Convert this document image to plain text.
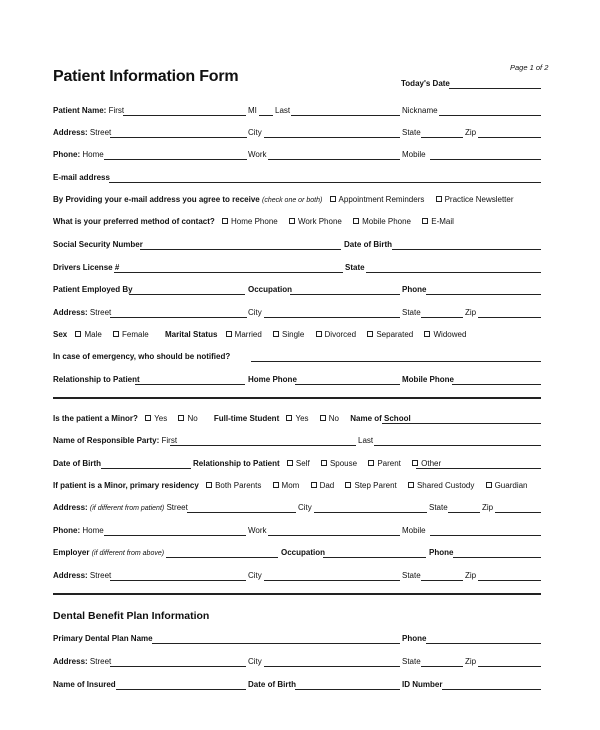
Patient Information Form
Page 1 of 2
Today's Date
Patient Name: First	MI Last	Nickname
Address: Street	City	State	Zip
Phone: Home	Work	Mobile
E-mail address
By Providing your e-mail address you agree to receive (check one or both) Appointment Reminders	Practice Newsletter
What is your preferred method of contact? Home Phone	Work Phone	Mobile Phone	E-Mail
Social Security Number	Date of Birth
Drivers License #	State
Patient Employed By	Occupation	Phone
Address: Street	City	State	Zip
Sex Male	Female Marital Status Married	Single	Divorced	Separated	Widowed
In case of emergency, who should be notified?
Relationship to Patient	Home Phone	Mobile Phone
Is the patient a Minor? Yes	No Full-time Student Yes	No Name of School
Name of Responsible Party: First	Last
Date of Birth	Relationship to Patient Self	Spouse	Parent	Other
If patient is a Minor, primary residency Both Parents	Mom	Dad	Step Parent	Shared Custody	Guardian
Address: (if different from patient) Street	City	State	Zip
Phone: Home	Work	Mobile
Employer (if different from above)	Occupation	Phone
Address: Street	City	State	Zip
Dental Benefit Plan Information
Primary Dental Plan Name	Phone
Address: Street	City	State	Zip
Name of Insured	Date of Birth	ID Number
